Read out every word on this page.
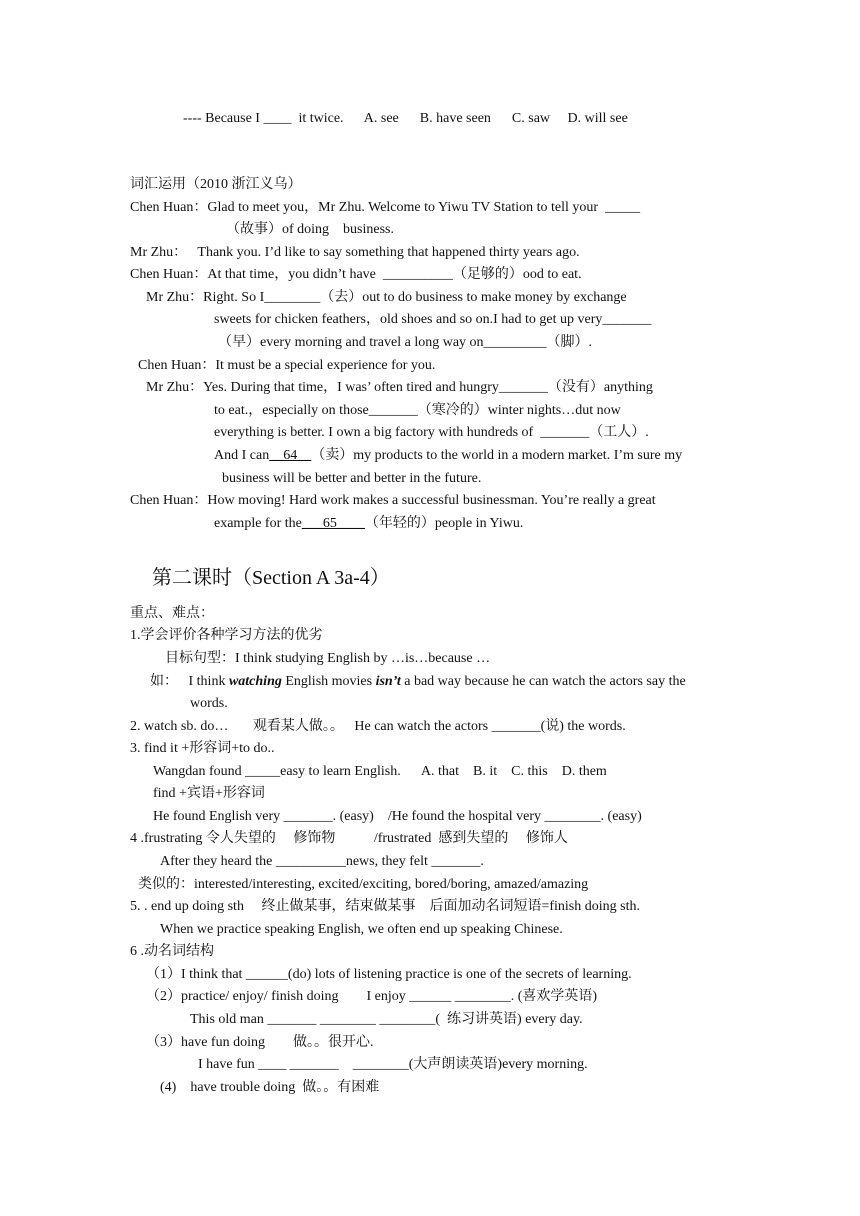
---- Because I ____  it twice.      A. see      B. have seen      C. saw     D. will see
词汇运用（2010 浙江义乌）
Chen Huan：Glad to meet you，Mr Zhu. Welcome to Yiwu TV Station to tell your  _____
（故事）of doing    business.
Mr Zhu：   Thank you. I’d like to say something that happened thirty years ago.
Chen Huan：At that time，you didn’t have  __________（足够的）ood to eat.
Mr Zhu：Right. So I________（去）out to do business to make money by exchange
sweets for chicken feathers，old shoes and so on.I had to get up very_______
（早）every morning and travel a long way on_________（脚）.
Chen Huan：It must be a special experience for you.
Mr Zhu：Yes. During that time，I was’ often tired and hungry_______（没有）anything
to eat.，especially on those_______（寒冷的）winter nights…dut now
everything is better. I own a big factory with hundreds of  _______（工人）.
And I can__64__（卖）my products to the world in a modern market. I’m sure my
business will be better and better in the future.
Chen Huan：How moving! Hard work makes a successful businessman. You’re really a great
example for the___65____（年轻的）people in Yiwu.
第二课时（Section A 3a-4）
重点、难点：
1.学会评价各种学习方法的优劣
目标句型：I think studying English by …is…because …
如：   I think watching English movies isn’t a bad way because he can watch the actors say the
words.
2. watch sb. do…       观看某人做。。   He can watch the actors _______(说) the words.
3. find it +形容词+to do..
Wangdan found _____easy to learn English.      A. that    B. it    C. this    D. them
find +宾语+形容词
He found English very _______. (easy)    /He found the hospital very ________. (easy)
4 .frustrating 令人失望的     修饰物           /frustrated  感到失望的     修饰人
After they heard the __________news, they felt _______.
类似的：interested/interesting, excited/exciting, bored/boring, amazed/amazing
5. . end up doing sth     终止做某事，结束做某事    后面加动名词短语=finish doing sth.
When we practice speaking English, we often end up speaking Chinese.
6 .动名词结构
（1）I think that ______(do) lots of listening practice is one of the secrets of learning.
（2）practice/ enjoy/ finish doing        I enjoy ______ ________. (喜欢学英语)
This old man _______ ________ ________(  练习讲英语) every day.
（3）have fun doing        做。。很开心.
I have fun ____ _______    ________(大声朗读英语)every morning.
(4)    have trouble doing  做。。有困难
